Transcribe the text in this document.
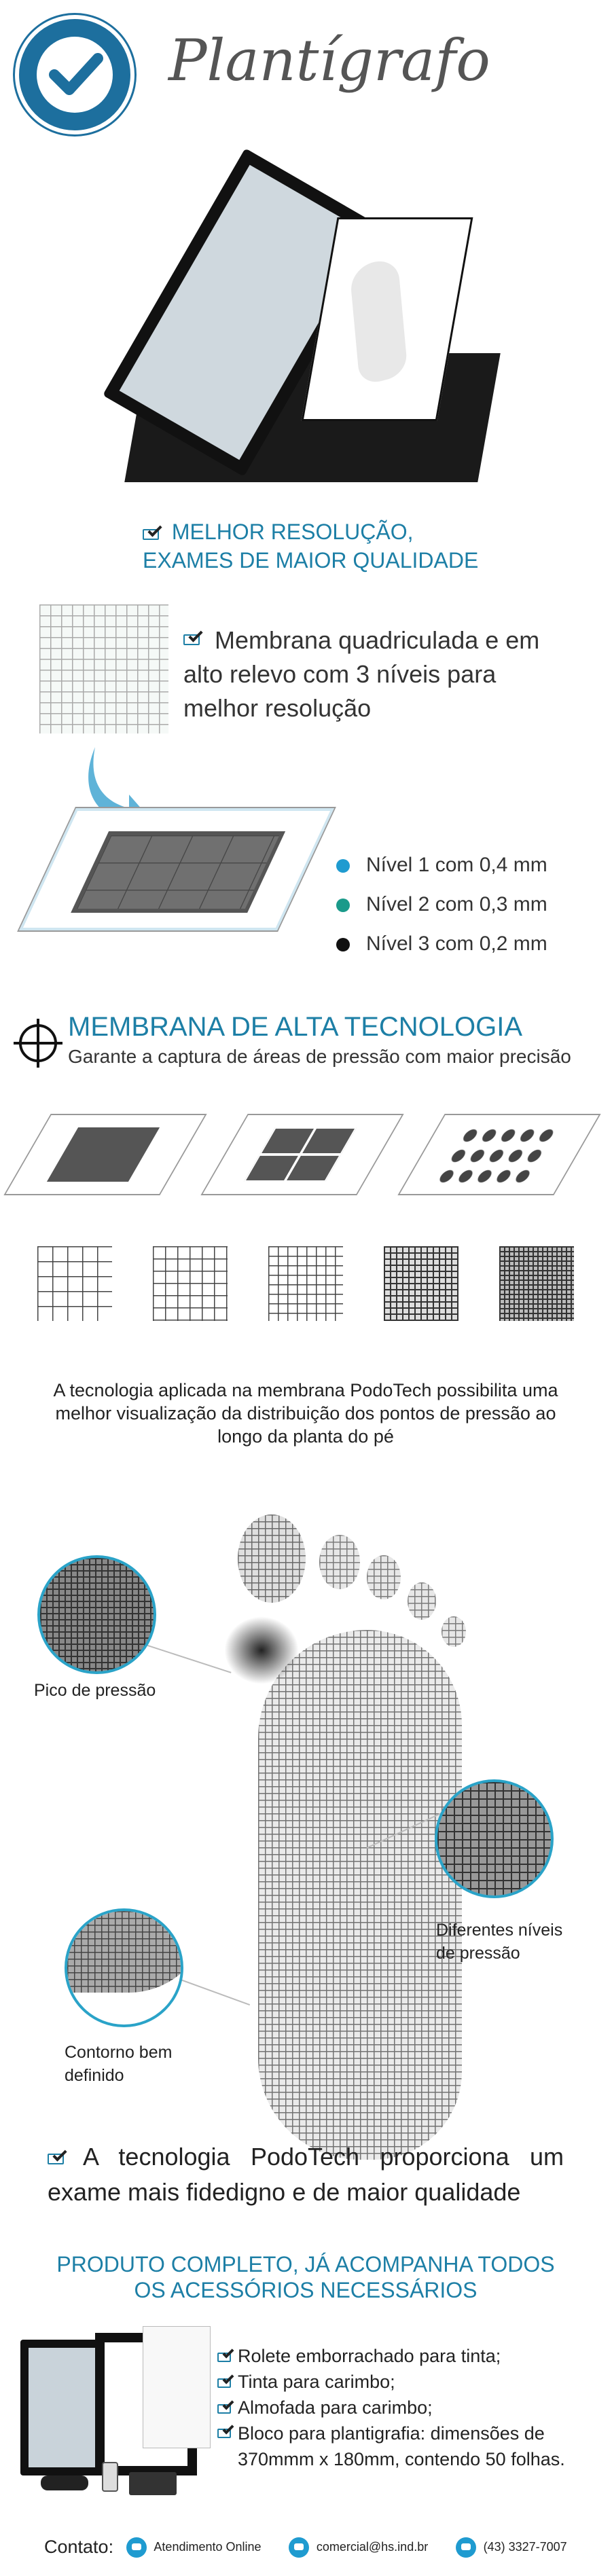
Plantígrafo
MELHOR RESOLUÇÃO,
EXAMES DE MAIOR QUALIDADE
Membrana quadriculada e em alto relevo com 3 níveis para melhor resolução
Nível 1 com 0,4 mm
Nível 2 com 0,3 mm
Nível 3 com 0,2 mm
MEMBRANA DE ALTA TECNOLOGIA
Garante a captura de áreas de pressão com maior precisão
A tecnologia aplicada na membrana PodoTech possibilita uma melhor visualização da distribuição dos pontos de pressão ao longo da planta do pé
Pico de pressão
Diferentes níveis de pressão
Contorno bem definido
A tecnologia PodoTech proporciona um exame mais fidedigno e de maior qualidade
PRODUTO COMPLETO, JÁ ACOMPANHA TODOS
OS ACESSÓRIOS NECESSÁRIOS
Rolete emborrachado para tinta;
Tinta para carimbo;
Almofada para carimbo;
Bloco para plantigrafia: dimensões de 370mmm x 180mm, contendo 50 folhas.
Contato:	Atendimento Online	comercial@hs.ind.br	(43) 3327-7007
